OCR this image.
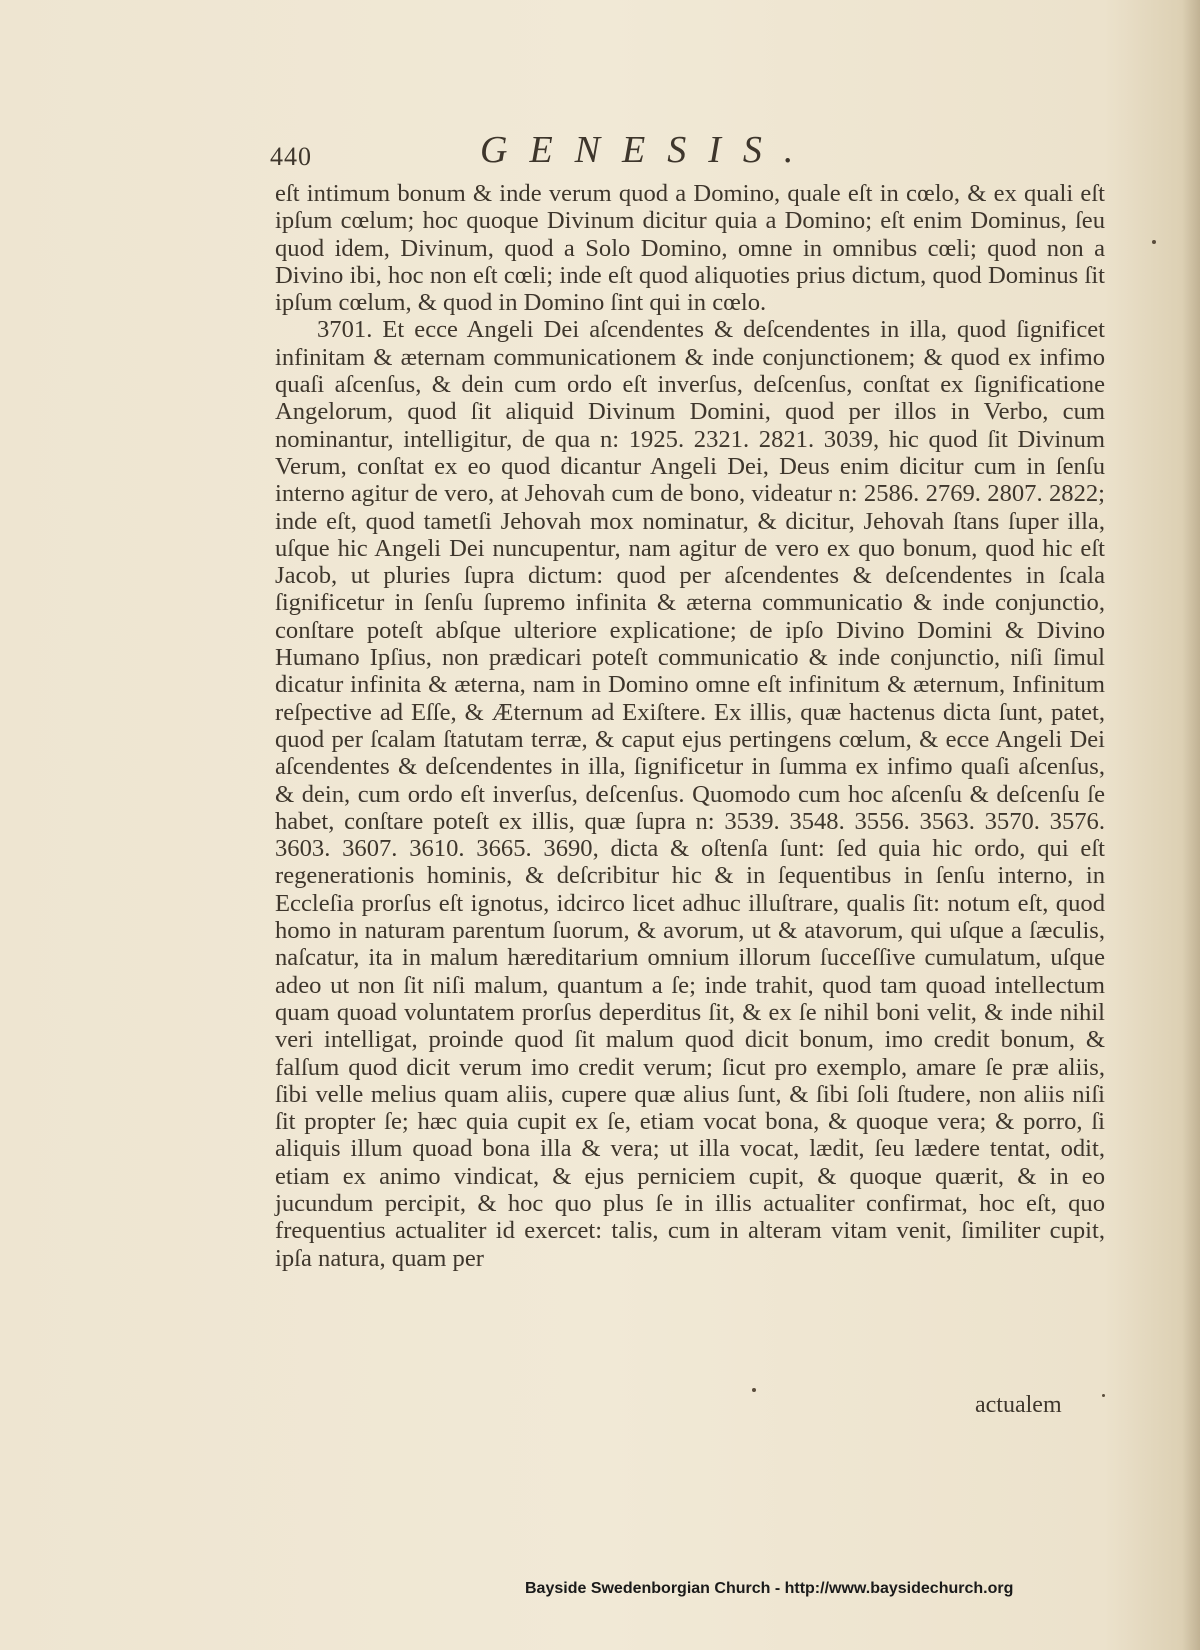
440	GENESIS.

eſt intimum bonum & inde verum quod a Domino, quale eſt in cœlo, & ex quali eſt ipſum cœlum; hoc quoque Divinum dicitur quia a Domino; eſt enim Dominus, ſeu quod idem, Divinum, quod a Solo Domino, omne in omnibus cœli; quod non a Divino ibi, hoc non eſt cœli; inde eſt quod aliquoties prius dictum, quod Dominus ſit ipſum cœlum, & quod in Domino ſint qui in cœlo.

3701. Et ecce Angeli Dei aſcendentes & deſcendentes in illa, quod ſignificet infinitam & æternam communicationem & inde conjunctionem; & quod ex infimo quaſi aſcenſus, & dein cum ordo eſt inverſus, deſcenſus, conſtat ex ſignificatione Angelorum, quod ſit aliquid Divinum Domini, quod per illos in Verbo, cum nominantur, intelligitur, de qua n: 1925. 2321. 2821. 3039, hic quod ſit Divinum Verum, conſtat ex eo quod dicantur Angeli Dei, Deus enim dicitur cum in ſenſu interno agitur de vero, at Jehovah cum de bono, videatur n: 2586. 2769. 2807. 2822; inde eſt, quod tametſi Jehovah mox nominatur, & dicitur, Jehovah ſtans ſuper illa, uſque hic Angeli Dei nuncupentur, nam agitur de vero ex quo bonum, quod hic eſt Jacob, ut pluries ſupra dictum: quod per aſcendentes & deſcendentes in ſcala ſignificetur in ſenſu ſupremo infinita & æterna communicatio & inde conjunctio, conſtare poteſt abſque ulteriore explicatione; de ipſo Divino Domini & Divino Humano Ipſius, non prædicari poteſt communicatio & inde conjunctio, niſi ſimul dicatur infinita & æterna, nam in Domino omne eſt infinitum & æternum, Infinitum reſpective ad Eſſe, & Æternum ad Exiſtere. Ex illis, quæ hactenus dicta ſunt, patet, quod per ſcalam ſtatutam terræ, & caput ejus pertingens cœlum, & ecce Angeli Dei aſcendentes & deſcendentes in illa, ſignificetur in ſumma ex infimo quaſi aſcenſus, & dein, cum ordo eſt inverſus, deſcenſus. Quomodo cum hoc aſcenſu & deſcenſu ſe habet, conſtare poteſt ex illis, quæ ſupra n: 3539. 3548. 3556. 3563. 3570. 3576. 3603. 3607. 3610. 3665. 3690, dicta & oſtenſa ſunt: ſed quia hic ordo, qui eſt regenerationis hominis, & deſcribitur hic & in ſequentibus in ſenſu interno, in Eccleſia prorſus eſt ignotus, idcirco licet adhuc illuſtrare, qualis ſit: notum eſt, quod homo in naturam parentum ſuorum, & avorum, ut & atavorum, qui uſque a ſæculis, naſcatur, ita in malum hæreditarium omnium illorum ſucceſſive cumulatum, uſque adeo ut non ſit niſi malum, quantum a ſe; inde trahit, quod tam quoad intellectum quam quoad voluntatem prorſus deperditus ſit, & ex ſe nihil boni velit, & inde nihil veri intelligat, proinde quod ſit malum quod dicit bonum, imo credit bonum, & falſum quod dicit verum imo credit verum; ſicut pro exemplo, amare ſe præ aliis, ſibi velle melius quam aliis, cupere quæ alius ſunt, & ſibi ſoli ſtudere, non aliis niſi ſit propter ſe; hæc quia cupit ex ſe, etiam vocat bona, & quoque vera; & porro, ſi aliquis illum quoad bona illa & vera; ut illa vocat, lædit, ſeu lædere tentat, odit, etiam ex animo vindicat, & ejus perniciem cupit, & quoque quærit, & in eo jucundum percipit, & hoc quo plus ſe in illis actualiter confirmat, hoc eſt, quo frequentius actualiter id exercet: talis, cum in alteram vitam venit, ſimiliter cupit, ipſa natura, quam per

actualem
Bayside Swedenborgian Church - http://www.baysidechurch.org
